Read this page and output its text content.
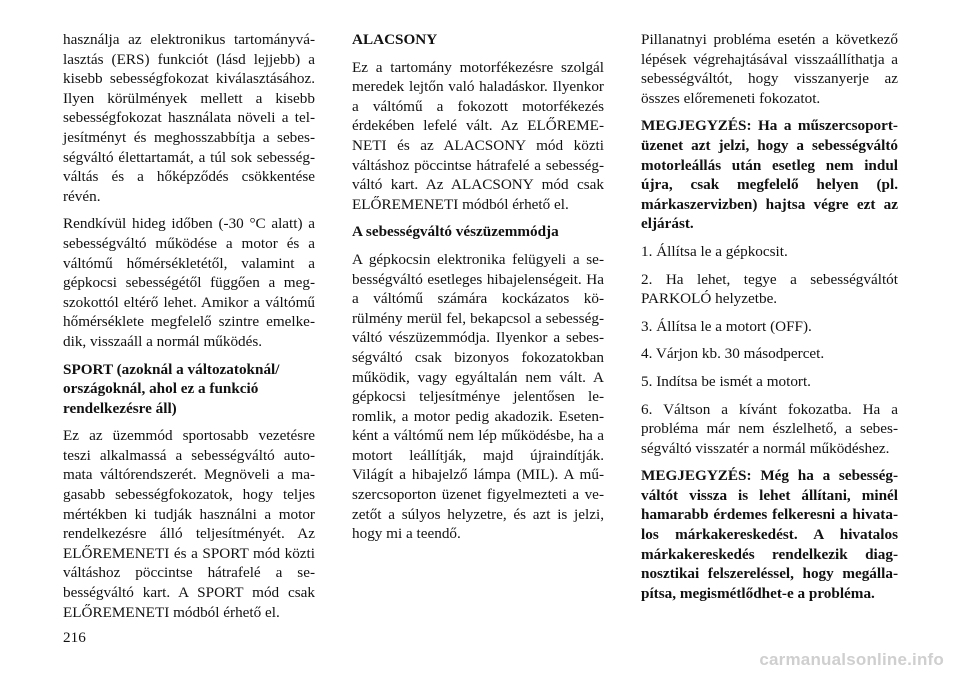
használja az elektronikus tartományválasztás (ERS) funkciót (lásd lejjebb) a kisebb sebességfokozat kiválasztásához. Ilyen körülmények mellett a kisebb sebességfokozat használata növeli a teljesítményt és meghosszabbítja a sebességváltó élettartamát, a túl sok sebességváltás és a hőképződés csökkentése révén.

Rendkívül hideg időben (-30 °C alatt) a sebességváltó működése a motor és a váltómű hőmérsékletétől, valamint a gépkocsi sebességétől függően a megszokottól eltérő lehet. Amikor a váltómű hőmérséklete megfelelő szintre emelkedik, visszaáll a normál működés.

SPORT (azoknál a változatoknál/ országoknál, ahol ez a funkció rendelkezésre áll)

Ez az üzemmód sportosabb vezetésre teszi alkalmassá a sebességváltó automata váltórendszerét. Megnöveli a magasabb sebességfokozatok, hogy teljes mértékben ki tudják használni a motor rendelkezésre álló teljesítményét. Az ELŐREMENETI és a SPORT mód közti váltáshoz pöccintse hátrafelé a sebességváltó kart. A SPORT mód csak ELŐREMENETI módból érhető el.

ALACSONY

Ez a tartomány motorfékezésre szolgál meredek lejtőn való haladáskor. Ilyenkor a váltómű a fokozott motorfékezés érdekében lefelé vált. Az ELŐREMENETI és az ALACSONY mód közti váltáshoz pöccintse hátrafelé a sebességváltó kart. Az ALACSONY mód csak ELŐREMENETI módból érhető el.

A sebességváltó vészüzemmódja

A gépkocsin elektronika felügyeli a sebességváltó esetleges hibajelenségeit. Ha a váltómű számára kockázatos körülmény merül fel, bekapcsol a sebességváltó vészüzemmódja. Ilyenkor a sebességváltó csak bizonyos fokozatokban működik, vagy egyáltalán nem vált. A gépkocsi teljesítménye jelentősen leromlik, a motor pedig akadozik. Esetenként a váltómű nem lép működésbe, ha a motort leállítják, majd újraindítják. Világít a hibajelző lámpa (MIL). A műszercsoporton üzenet figyelmezteti a vezetőt a súlyos helyzetre, és azt is jelzi, hogy mi a teendő.

Pillanatnyi probléma esetén a következő lépések végrehajtásával visszaállíthatja a sebességváltót, hogy visszanyerje az összes előremeneti fokozatot.

MEGJEGYZÉS: Ha a műszercsoport-üzenet azt jelzi, hogy a sebességváltó motorleállás után esetleg nem indul újra, csak megfelelő helyen (pl. márkaszervizben) hajtsa végre ezt az eljárást.

1. Állítsa le a gépkocsit.

2. Ha lehet, tegye a sebességváltót PARKOLÓ helyzetbe.

3. Állítsa le a motort (OFF).

4. Várjon kb. 30 másodpercet.

5. Indítsa be ismét a motort.

6. Váltson a kívánt fokozatba. Ha a probléma már nem észlelhető, a sebességváltó visszatér a normál működéshez.

MEGJEGYZÉS: Még ha a sebességváltót vissza is lehet állítani, minél hamarabb érdemes felkeresni a hivatalos márkakereskedést. A hivatalos márkakereskedés rendelkezik diagnosztikai felszereléssel, hogy megállapítsa, megismétlődhet-e a probléma.

216
carmanualsonline.info
